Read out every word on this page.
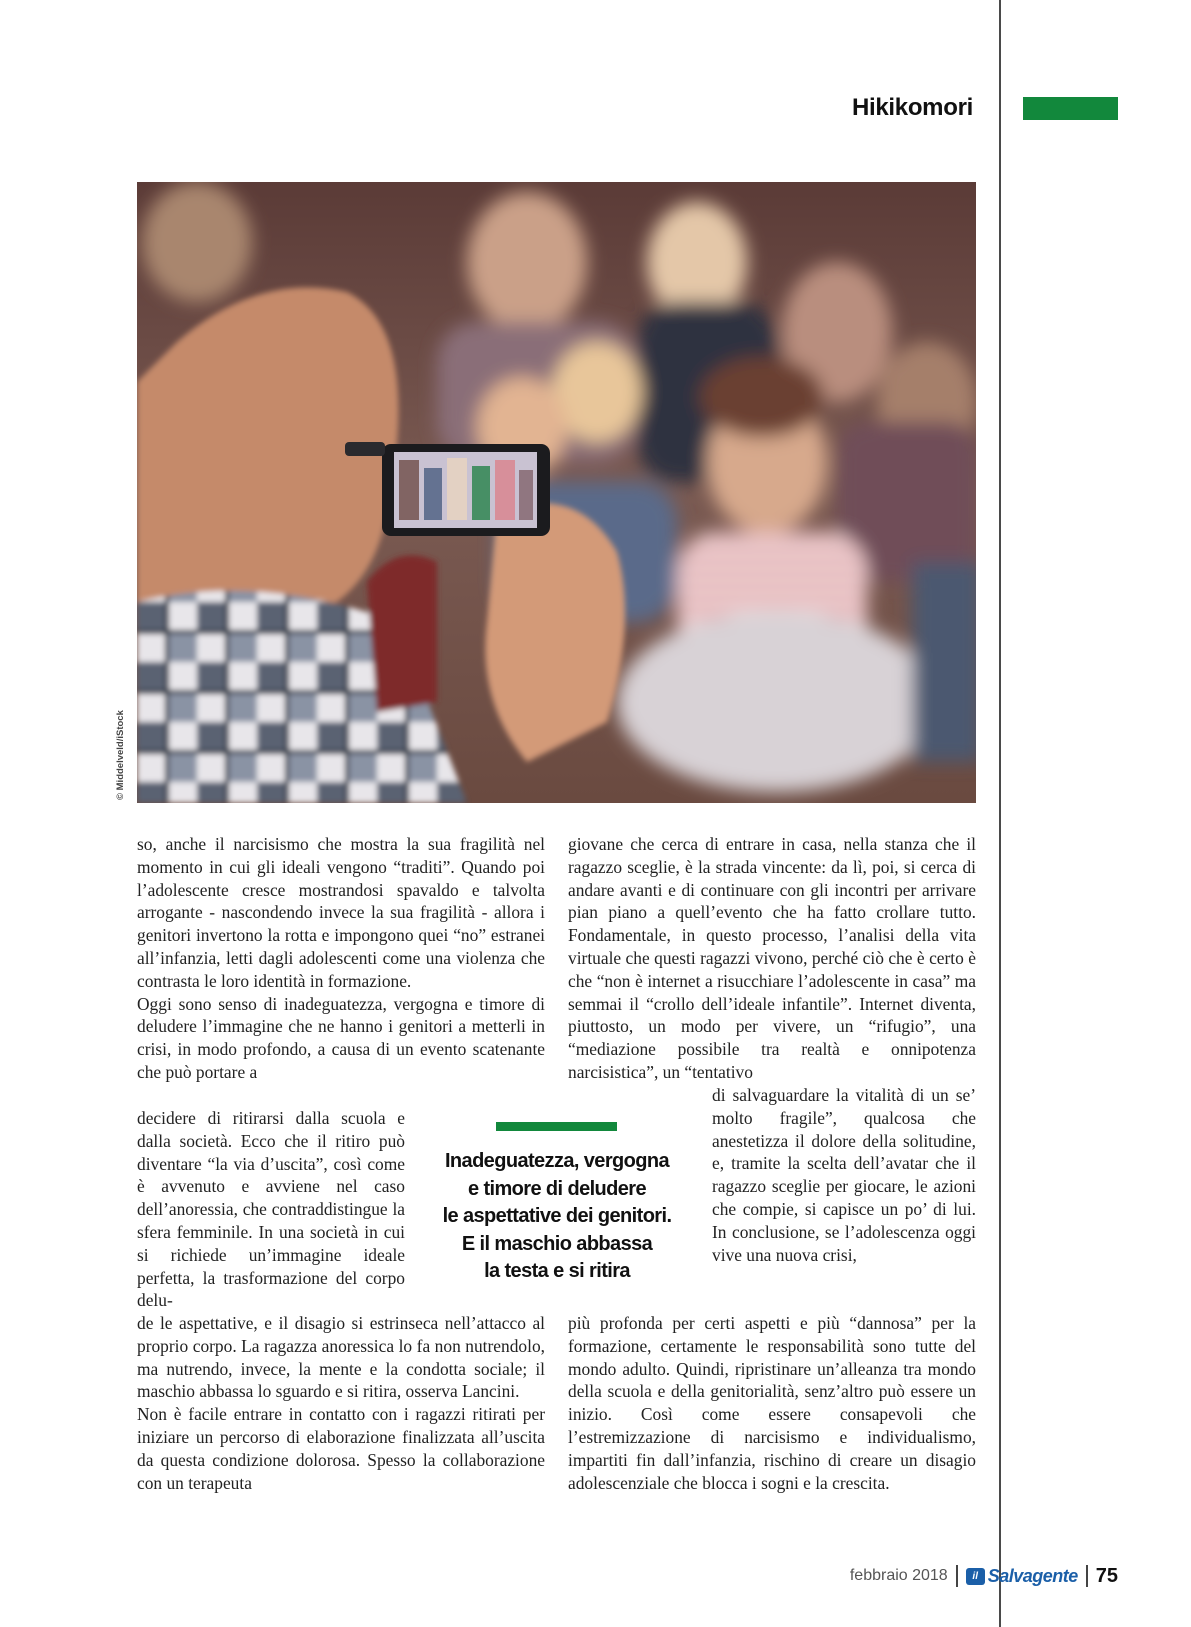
Hikikomori
© Middelveld/iStock

so, anche il narcisismo che mostra la sua fragilità nel momento in cui gli ideali vengono “traditi”. Quando poi l’adolescente cresce mostrandosi spavaldo e talvolta arrogante - nascondendo invece la sua fragilità - allora i genitori invertono la rotta e impongono quei “no” estranei all’infanzia, letti dagli adolescenti come una violenza che contrasta le loro identità in formazione.

Oggi sono senso di inadeguatezza, vergogna e timore di deludere l’immagine che ne hanno i genitori a metterli in crisi, in modo profondo, a causa di un evento scatenante che può portare a

decidere di ritirarsi dalla scuola e dalla società. Ecco che il ritiro può diventare “la via d’uscita”, così come è avvenuto e avviene nel caso dell’anoressia, che contraddistingue la sfera femminile. In una società in cui si richiede un’immagine ideale perfetta, la trasformazione del corpo delu-

de le aspettative, e il disagio si estrinseca nell’attacco al proprio corpo. La ragazza anoressica lo fa non nutrendolo, ma nutrendo, invece, la mente e la condotta sociale; il maschio abbassa lo sguardo e si ritira, osserva Lancini.

Non è facile entrare in contatto con i ragazzi ritirati per iniziare un percorso di elaborazione finalizzata all’uscita da questa condizione dolorosa. Spesso la collaborazione con un terapeuta

giovane che cerca di entrare in casa, nella stanza che il ragazzo sceglie, è la strada vincente: da lì, poi, si cerca di andare avanti e di continuare con gli incontri per arrivare pian piano a quell’evento che ha fatto crollare tutto. Fondamentale, in questo processo, l’analisi della vita virtuale che questi ragazzi vivono, perché ciò che è certo è che “non è internet a risucchiare l’adolescente in casa” ma semmai il “crollo dell’ideale infantile”. Internet diventa, piuttosto, un modo per vivere, un “rifugio”, una “mediazione possibile tra realtà e onnipotenza narcisistica”, un “tentativo

di salvaguardare la vitalità di un se’ molto fragile”, qualcosa che anestetizza il dolore della solitudine, e, tramite la scelta dell’avatar che il ragazzo sceglie per giocare, le azioni che compie, si capisce un po’ di lui. In conclusione, se l’adolescenza oggi vive una nuova crisi,

più profonda per certi aspetti e più “dannosa” per la formazione, certamente le responsabilità sono tutte del mondo adulto. Quindi, ripristinare un’alleanza tra mondo della scuola e della genitorialità, senz’altro può essere un inizio. Così come essere consapevoli che l’estremizzazione di narcisismo e individualismo, impartiti fin dall’infanzia, rischino di creare un disagio adolescenziale che blocca i sogni e la crescita.

Inadeguatezza, vergogna
e timore di deludere
le aspettative dei genitori.
E il maschio abbassa
la testa e si ritira
febbraio 2018	il Salvagente 75
